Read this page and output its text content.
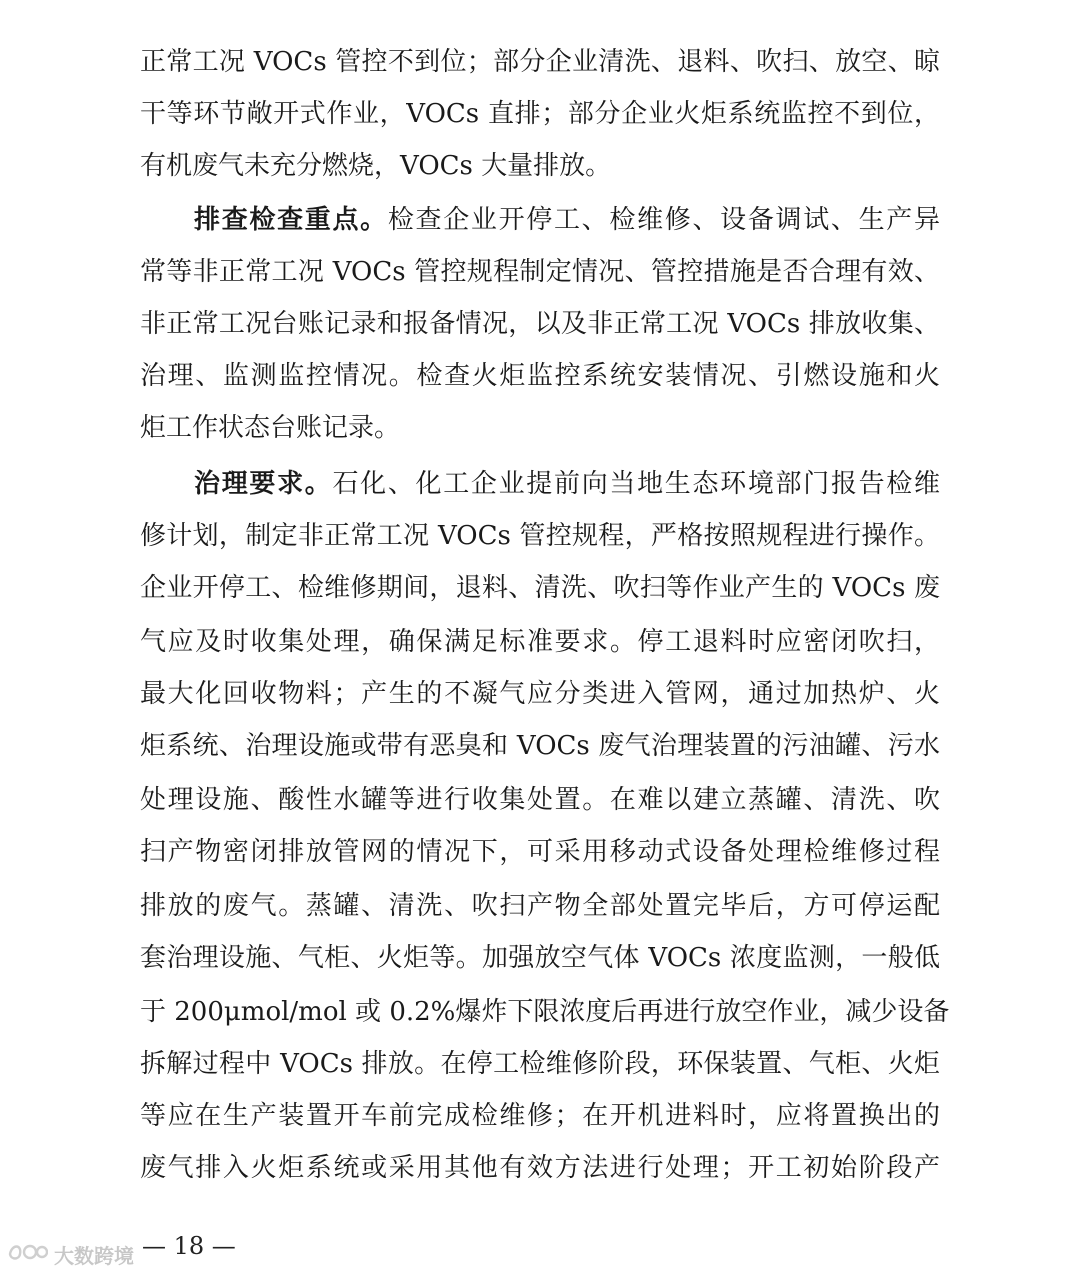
正常工况 VOCs 管控不到位；部分企业清洗、退料、吹扫、放空、晾
干等环节敞开式作业，VOCs 直排；部分企业火炬系统监控不到位，
有机废气未充分燃烧，VOCs 大量排放。
排查检查重点。检查企业开停工、检维修、设备调试、生产异
常等非正常工况 VOCs 管控规程制定情况、管控措施是否合理有效、
非正常工况台账记录和报备情况，以及非正常工况 VOCs 排放收集、
治理、监测监控情况。检查火炬监控系统安装情况、引燃设施和火
炬工作状态台账记录。
治理要求。石化、化工企业提前向当地生态环境部门报告检维
修计划，制定非正常工况 VOCs 管控规程，严格按照规程进行操作。
企业开停工、检维修期间，退料、清洗、吹扫等作业产生的 VOCs 废
气应及时收集处理，确保满足标准要求。停工退料时应密闭吹扫，
最大化回收物料；产生的不凝气应分类进入管网，通过加热炉、火
炬系统、治理设施或带有恶臭和 VOCs 废气治理装置的污油罐、污水
处理设施、酸性水罐等进行收集处置。在难以建立蒸罐、清洗、吹
扫产物密闭排放管网的情况下，可采用移动式设备处理检维修过程
排放的废气。蒸罐、清洗、吹扫产物全部处置完毕后，方可停运配
套治理设施、气柜、火炬等。加强放空气体 VOCs 浓度监测，一般低
于 200μmol/mol 或 0.2%爆炸下限浓度后再进行放空作业，减少设备
拆解过程中 VOCs 排放。在停工检维修阶段，环保装置、气柜、火炬
等应在生产装置开车前完成检维修；在开机进料时，应将置换出的
废气排入火炬系统或采用其他有效方法进行处理；开工初始阶段产
— 18 —
大数跨境
